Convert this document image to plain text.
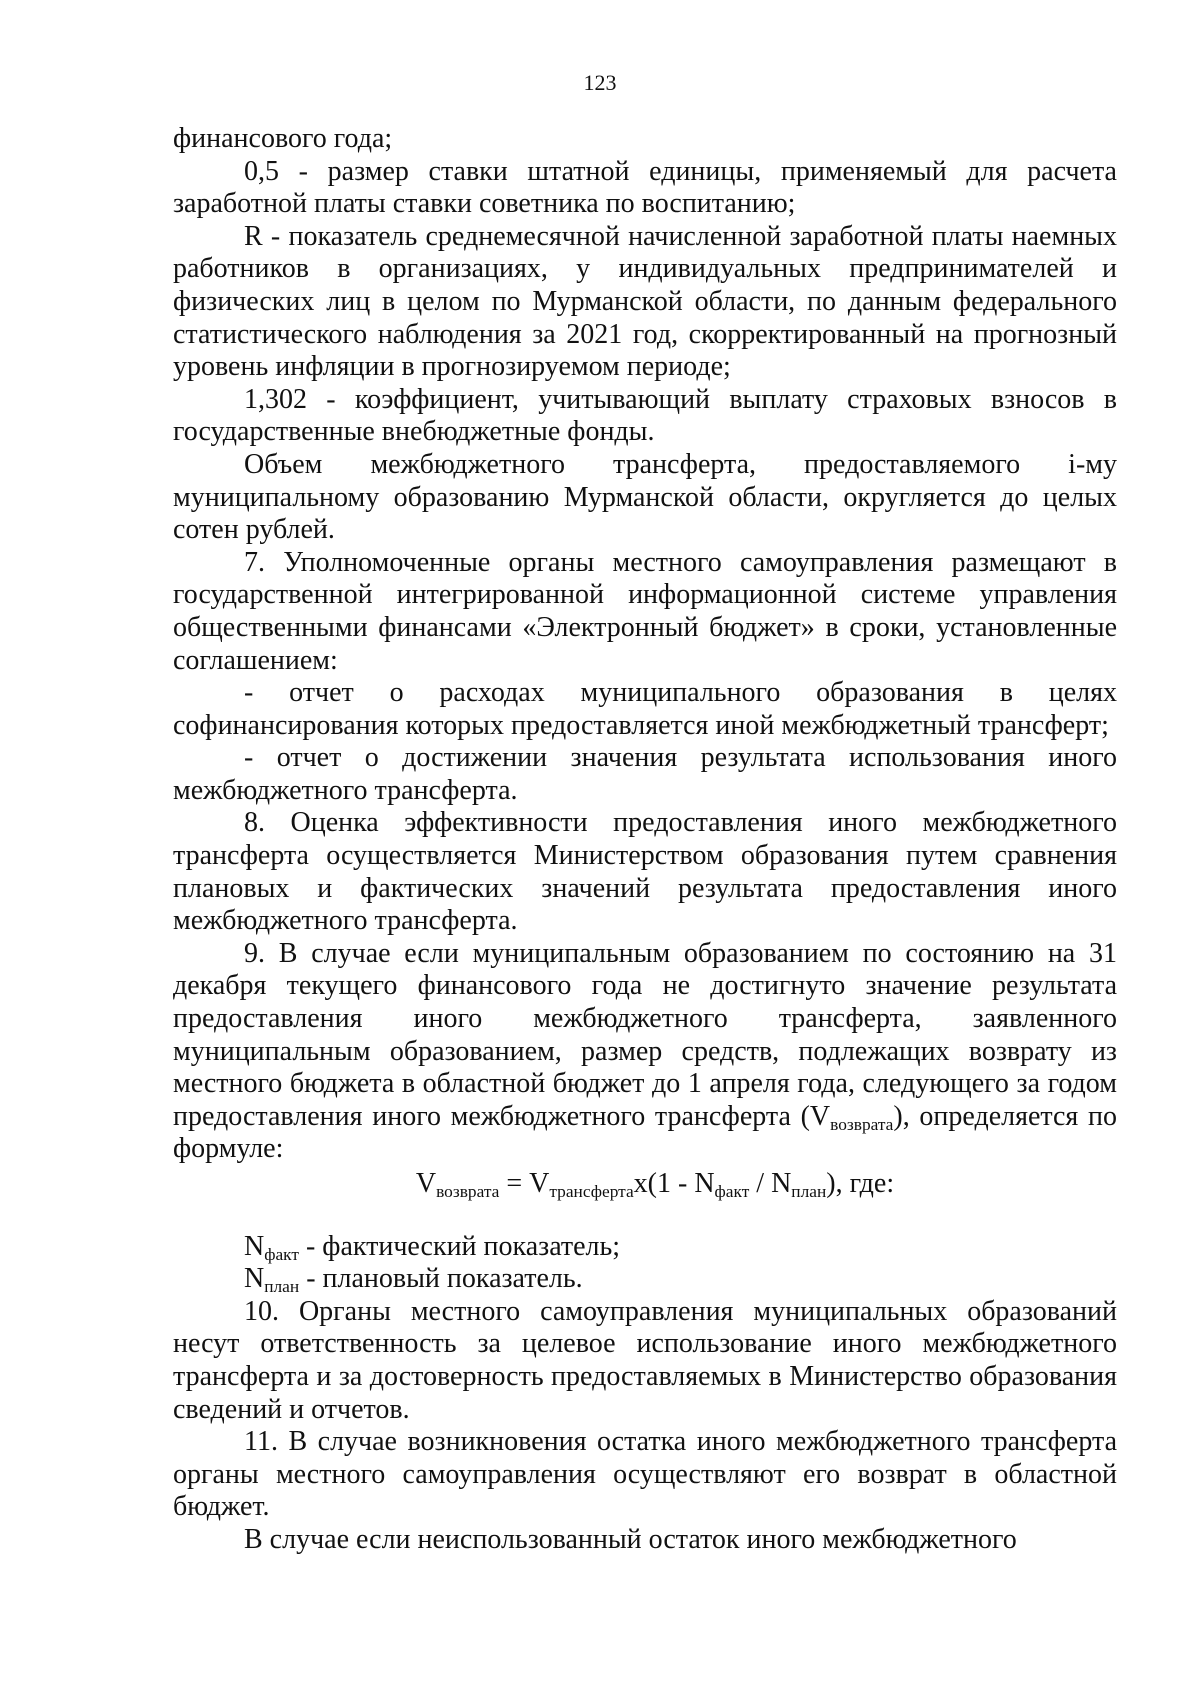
123

финансового года;

0,5 - размер ставки штатной единицы, применяемый для расчета заработной платы ставки советника по воспитанию;

R - показатель среднемесячной начисленной заработной платы наемных работников в организациях, у индивидуальных предпринимателей и физических лиц в целом по Мурманской области, по данным федерального статистического наблюдения за 2021 год, скорректированный на прогнозный уровень инфляции в прогнозируемом периоде;

1,302 - коэффициент, учитывающий выплату страховых взносов в государственные внебюджетные фонды.

Объем межбюджетного трансферта, предоставляемого i-му муниципальному образованию Мурманской области, округляется до целых сотен рублей.

7. Уполномоченные органы местного самоуправления размещают в государственной интегрированной информационной системе управления общественными финансами «Электронный бюджет» в сроки, установленные соглашением:

- отчет о расходах муниципального образования в целях софинансирования которых предоставляется иной межбюджетный трансферт;

- отчет о достижении значения результата использования иного межбюджетного трансферта.

8. Оценка эффективности предоставления иного межбюджетного трансферта осуществляется Министерством образования путем сравнения плановых и фактических значений результата предоставления иного межбюджетного трансферта.

9. В случае если муниципальным образованием по состоянию на 31 декабря текущего финансового года не достигнуто значение результата предоставления иного межбюджетного трансферта, заявленного муниципальным образованием, размер средств, подлежащих возврату из местного бюджета в областной бюджет до 1 апреля года, следующего за годом предоставления иного межбюджетного трансферта $(V_{возврата})$, определяется по формуле:

$V_{возврата} = V_{трансферта}x(1 - N_{факт} / N_{план})$, где:

$N_{факт}$ - фактический показатель;

$N_{план}$ - плановый показатель.

10. Органы местного самоуправления муниципальных образований несут ответственность за целевое использование иного межбюджетного трансферта и за достоверность предоставляемых в Министерство образования сведений и отчетов.

11. В случае возникновения остатка иного межбюджетного трансферта органы местного самоуправления осуществляют его возврат в областной бюджет.

В случае если неиспользованный остаток иного межбюджетного
